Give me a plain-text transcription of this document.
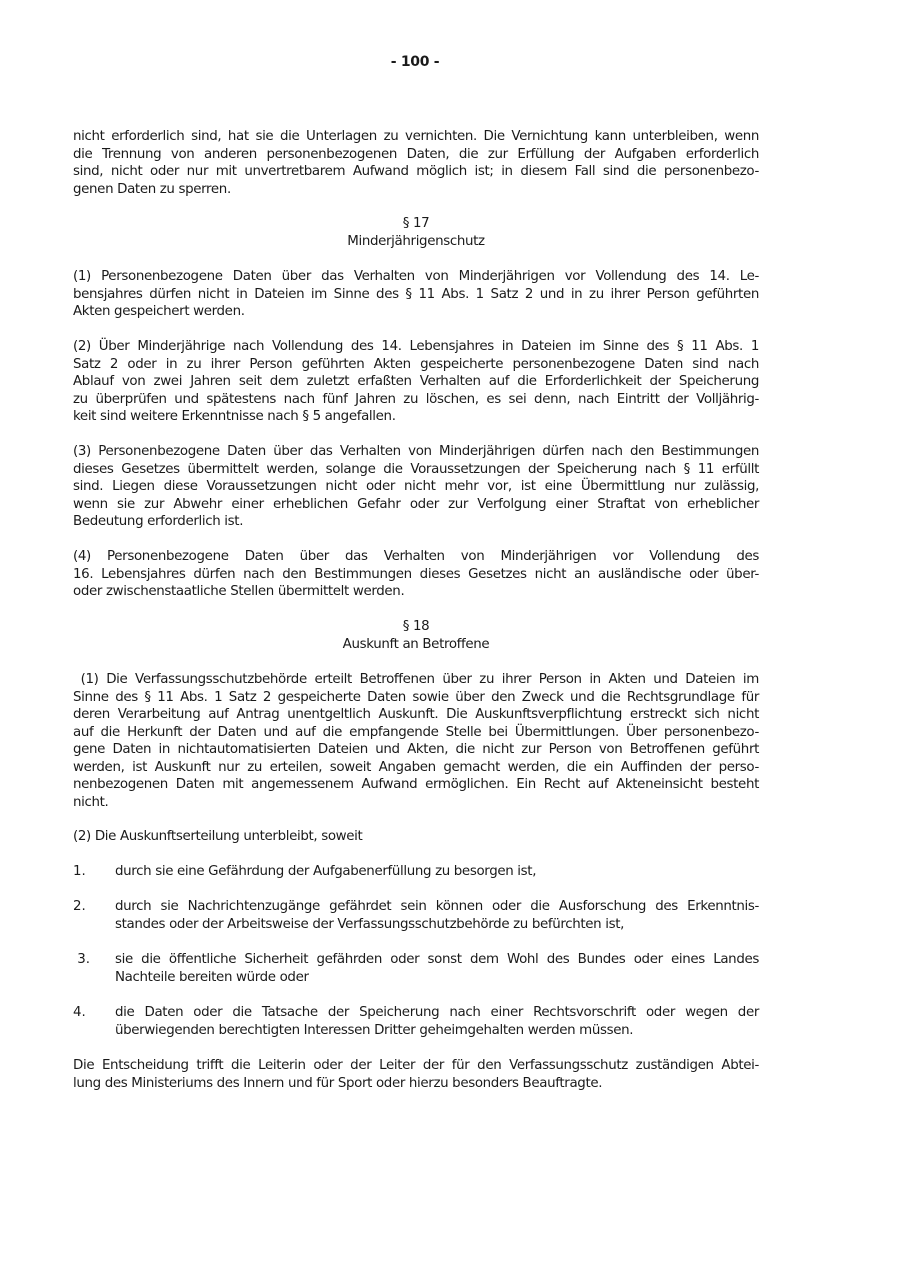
- 100 -
nicht erforderlich sind, hat sie die Unterlagen zu vernichten. Die Vernichtung kann unterbleiben, wenn
die Trennung von anderen personenbezogenen Daten, die zur Erfüllung der Aufgaben erforderlich
sind, nicht oder nur mit unvertretbarem Aufwand möglich ist; in diesem Fall sind die personenbezo-
genen Daten zu sperren.
§ 17
Minderjährigenschutz
(1) Personenbezogene Daten über das Verhalten von Minderjährigen vor Vollendung des 14. Le-
bensjahres dürfen nicht in Dateien im Sinne des § 11 Abs. 1 Satz 2 und in zu ihrer Person geführten
Akten gespeichert werden.
(2) Über Minderjährige nach Vollendung des 14. Lebensjahres in Dateien im Sinne des § 11 Abs. 1
Satz 2 oder in zu ihrer Person geführten Akten gespeicherte personenbezogene Daten sind nach
Ablauf von zwei Jahren seit dem zuletzt erfaßten Verhalten auf die Erforderlichkeit der Speicherung
zu überprüfen und spätestens nach fünf Jahren zu löschen, es sei denn, nach Eintritt der Volljährig-
keit sind weitere Erkenntnisse nach § 5 angefallen.
(3) Personenbezogene Daten über das Verhalten von Minderjährigen dürfen nach den Bestimmungen
dieses Gesetzes übermittelt werden, solange die Voraussetzungen der Speicherung nach § 11 erfüllt
sind. Liegen diese Voraussetzungen nicht oder nicht mehr vor, ist eine Übermittlung nur zulässig,
wenn sie zur Abwehr einer erheblichen Gefahr oder zur Verfolgung einer Straftat von erheblicher
Bedeutung erforderlich ist.
(4) Personenbezogene Daten über das Verhalten von Minderjährigen vor Vollendung des
16. Lebensjahres dürfen nach den Bestimmungen dieses Gesetzes nicht an ausländische oder über-
oder zwischenstaatliche Stellen übermittelt werden.
§ 18
Auskunft an Betroffene
(1) Die Verfassungsschutzbehörde erteilt Betroffenen über zu ihrer Person in Akten und Dateien im
Sinne des § 11 Abs. 1 Satz 2 gespeicherte Daten sowie über den Zweck und die Rechtsgrundlage für
deren Verarbeitung auf Antrag unentgeltlich Auskunft. Die Auskunftsverpflichtung erstreckt sich nicht
auf die Herkunft der Daten und auf die empfangende Stelle bei Übermittlungen. Über personenbezo-
gene Daten in nichtautomatisierten Dateien und Akten, die nicht zur Person von Betroffenen geführt
werden, ist Auskunft nur zu erteilen, soweit Angaben gemacht werden, die ein Auffinden der perso-
nenbezogenen Daten mit angemessenem Aufwand ermöglichen. Ein Recht auf Akteneinsicht besteht
nicht.
(2) Die Auskunftserteilung unterbleibt, soweit
1.	durch sie eine Gefährdung der Aufgabenerfüllung zu besorgen ist,
2.	durch sie Nachrichtenzugänge gefährdet sein können oder die Ausforschung des Erkenntnis-
standes oder der Arbeitsweise der Verfassungsschutzbehörde zu befürchten ist,
3.	sie die öffentliche Sicherheit gefährden oder sonst dem Wohl des Bundes oder eines Landes
Nachteile bereiten würde oder
4.	die Daten oder die Tatsache der Speicherung nach einer Rechtsvorschrift oder wegen der
überwiegenden berechtigten Interessen Dritter geheimgehalten werden müssen.
Die Entscheidung trifft die Leiterin oder der Leiter der für den Verfassungsschutz zuständigen Abtei-
lung des Ministeriums des Innern und für Sport oder hierzu besonders Beauftragte.
